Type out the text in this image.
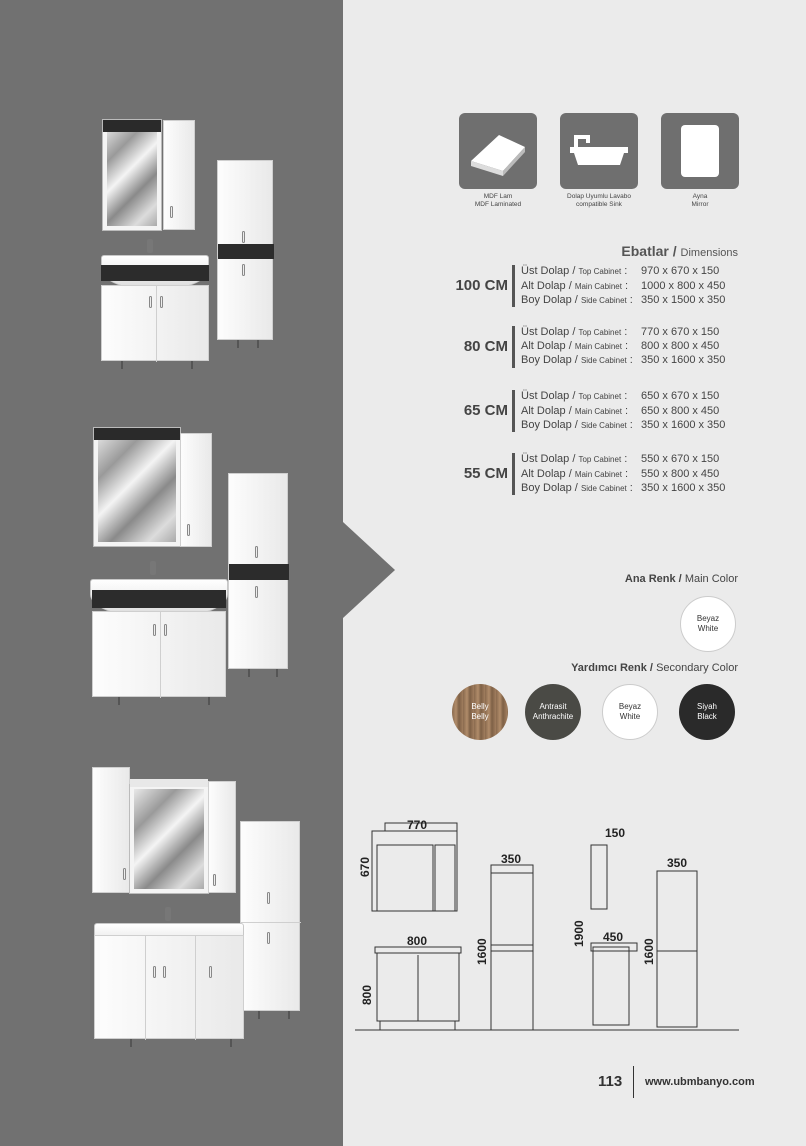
MDF Lam
MDF Laminated
Dolap Uyumlu Lavabo
compatible Sink
Ayna
Mirror
Ebatlar / Dimensions
100 CM
Üst Dolap / Top Cabinet : 970 x 670 x 150
Alt Dolap / Main Cabinet : 1000 x 800 x 450
Boy Dolap / Side Cabinet : 350 x 1500 x 350
80 CM
Üst Dolap / Top Cabinet : 770 x 670 x 150
Alt Dolap / Main Cabinet : 800 x 800 x 450
Boy Dolap / Side Cabinet : 350 x 1600 x 350
65 CM
Üst Dolap / Top Cabinet : 650 x 670 x 150
Alt Dolap / Main Cabinet : 650 x 800 x 450
Boy Dolap / Side Cabinet : 350 x 1600 x 350
55 CM
Üst Dolap / Top Cabinet : 550 x 670 x 150
Alt Dolap / Main Cabinet : 550 x 800 x 450
Boy Dolap / Side Cabinet : 350 x 1600 x 350
Ana Renk / Main Color
Beyaz
White
Yardımcı Renk / Secondary Color
Belly
Belly
Antrasit
Anthrachite
Beyaz
White
Siyah
Black
770
670	350
1600
800
800
150
1900 450
350
1600
113 www.ubmbanyo.com
